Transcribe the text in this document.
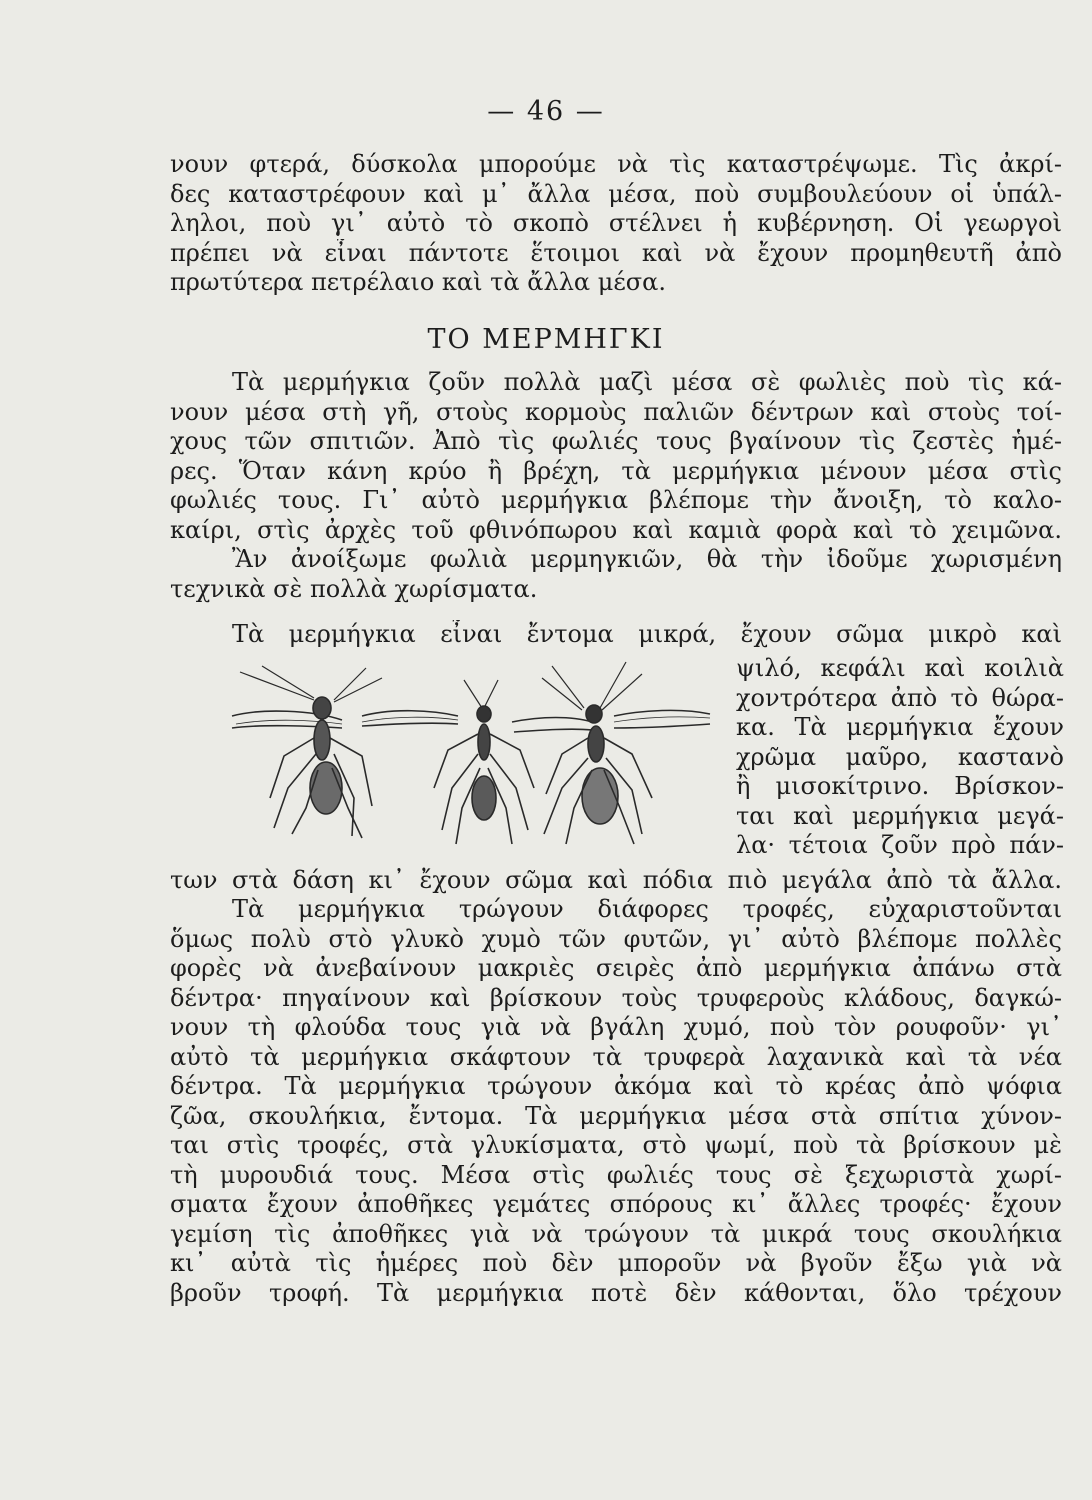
— 46 —
νουν φτερά, δύσκολα μπορούμε νὰ τὶς καταστρέψωμε. Τὶς ἀκρί-
δες καταστρέφουν καὶ μ᾽ ἄλλα μέσα, ποὺ συμβουλεύουν οἱ ὑπάλ-
ληλοι, ποὺ γι᾽ αὐτὸ τὸ σκοπὸ στέλνει ἡ κυβέρνηση. Οἱ γεωργοὶ
πρέπει νὰ εἶναι πάντοτε ἕτοιμοι καὶ νὰ ἔχουν προμηθευτῆ ἀπὸ
πρωτύτερα πετρέλαιο καὶ τὰ ἄλλα μέσα.
ΤΟ ΜΕΡΜΗΓΚΙ
Τὰ μερμήγκια ζοῦν πολλὰ μαζὶ μέσα σὲ φωλιὲς ποὺ τὶς κά-
νουν μέσα στὴ γῆ, στοὺς κορμοὺς παλιῶν δέντρων καὶ στοὺς τοί-
χους τῶν σπιτιῶν. Ἀπὸ τὶς φωλιές τους βγαίνουν τὶς ζεστὲς ἡμέ-
ρες. Ὅταν κάνη κρύο ἢ βρέχη, τὰ μερμήγκια μένουν μέσα στὶς
φωλιές τους. Γι᾽ αὐτὸ μερμήγκια βλέπομε τὴν ἄνοιξη, τὸ καλο-
καίρι, στὶς ἀρχὲς τοῦ φθινόπωρου καὶ καμιὰ φορὰ καὶ τὸ χειμῶνα.
Ἂν ἀνοίξωμε φωλιὰ μερμηγκιῶν, θὰ τὴν ἰδοῦμε χωρισμένη
τεχνικὰ σὲ πολλὰ χωρίσματα.
Τὰ μερμήγκια εἶναι ἔντομα μικρά, ἔχουν σῶμα μικρὸ καὶ
ψιλό, κεφάλι καὶ κοιλιὰ
χοντρότερα ἀπὸ τὸ θώρα-
κα. Τὰ μερμήγκια ἔχουν
χρῶμα μαῦρο, καστανὸ
ἢ μισοκίτρινο. Βρίσκον-
ται καὶ μερμήγκια μεγά-
λα· τέτοια ζοῦν πρὸ πάν-
των στὰ δάση κι᾽ ἔχουν σῶμα καὶ πόδια πιὸ μεγάλα ἀπὸ τὰ ἄλλα.
Τὰ μερμήγκια τρώγουν διάφορες τροφές, εὐχαριστοῦνται
ὅμως πολὺ στὸ γλυκὸ χυμὸ τῶν φυτῶν, γι᾽ αὐτὸ βλέπομε πολλὲς
φορὲς νὰ ἀνεβαίνουν μακριὲς σειρὲς ἀπὸ μερμήγκια ἀπάνω στὰ
δέντρα· πηγαίνουν καὶ βρίσκουν τοὺς τρυφεροὺς κλάδους, δαγκώ-
νουν τὴ φλούδα τους γιὰ νὰ βγάλη χυμό, ποὺ τὸν ρουφοῦν· γι᾽
αὐτὸ τὰ μερμήγκια σκάφτουν τὰ τρυφερὰ λαχανικὰ καὶ τὰ νέα
δέντρα. Τὰ μερμήγκια τρώγουν ἀκόμα καὶ τὸ κρέας ἀπὸ ψόφια
ζῶα, σκουλήκια, ἔντομα. Τὰ μερμήγκια μέσα στὰ σπίτια χύνον-
ται στὶς τροφές, στὰ γλυκίσματα, στὸ ψωμί, ποὺ τὰ βρίσκουν μὲ
τὴ μυρουδιά τους. Μέσα στὶς φωλιές τους σὲ ξεχωριστὰ χωρί-
σματα ἔχουν ἀποθῆκες γεμάτες σπόρους κι᾽ ἄλλες τροφές· ἔχουν
γεμίση τὶς ἀποθῆκες γιὰ νὰ τρώγουν τὰ μικρά τους σκουλήκια
κι᾽ αὐτὰ τὶς ἡμέρες ποὺ δὲν μποροῦν νὰ βγοῦν ἔξω γιὰ νὰ
βροῦν τροφή. Τὰ μερμήγκια ποτὲ δὲν κάθονται, ὅλο τρέχουν
